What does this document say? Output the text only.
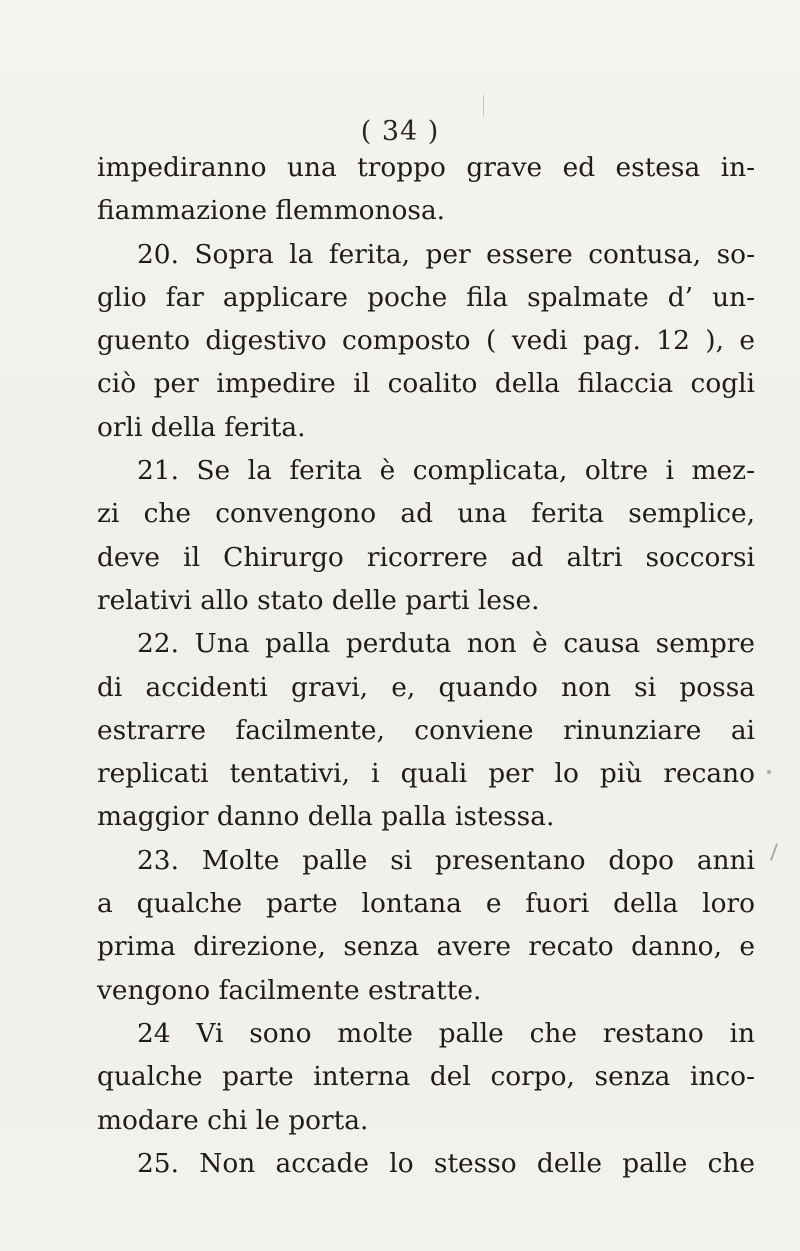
( 34 )
impediranno una troppo grave ed estesa in-
fiammazione flemmonosa.
20. Sopra la ferita, per essere contusa, so-
glio far applicare poche fila spalmate d’ un-
guento digestivo composto ( vedi pag. 12 ), e
ciò per impedire il coalito della filaccia cogli
orli della ferita.
21. Se la ferita è complicata, oltre i mez-
zi che convengono ad una ferita semplice,
deve il Chirurgo ricorrere ad altri soccorsi
relativi allo stato delle parti lese.
22. Una palla perduta non è causa sempre
di accidenti gravi, e, quando non si possa
estrarre facilmente, conviene rinunziare ai
replicati tentativi, i quali per lo più recano
maggior danno della palla istessa.
23. Molte palle si presentano dopo anni
a qualche parte lontana e fuori della loro
prima direzione, senza avere recato danno, e
vengono facilmente estratte.
24 Vi sono molte palle che restano in
qualche parte interna del corpo, senza inco-
modare chi le porta.
25. Non accade lo stesso delle palle che
